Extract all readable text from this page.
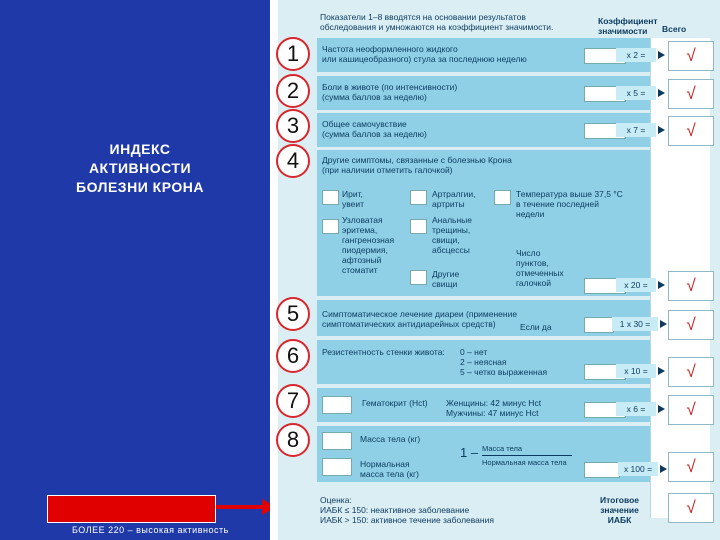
ИНДЕКС
АКТИВНОСТИ
БОЛЕЗНИ КРОНА
БОЛЕЕ 220 – высокая активность
Показатели 1–8 вводятся на основании результатов
обследования и умножаются на коэффициент значимости.
Коэффициент
значимости	Всего
1	Частота неоформленного жидкого
или кашицеобразного) стула за последнюю неделю	x 2 =	√
2	Боли в животе (по интенсивности)
(сумма баллов за неделю)	x 5 =	√
3	Общее самочувствие
(сумма баллов за неделю)	x 7 =	√
4	Другие симптомы, связанные с болезнью Крона
(при наличии отметить галочкой)
Ирит,
увеит
Узловатая
эритема,
гангренозная
пиодермия,
афтозный
стоматит
Артралгии,
артриты
Анальные
трещины,
свищи,
абсцессы
Другие
свищи
Температура выше 37,5 °С
в течение последней
недели
Число
пунктов,
отмеченных
галочкой	x 20 =	√
5	Симптоматическое лечение диареи (применение
симптоматических антидиарейных средств)	Если да	1 x 30 =	√
6	Резистентность стенки живота: 0 – нет
2 – неясная
5 – четко выраженная	x 10 =	√
7	Гематокрит (Hct) Женщины: 42 минус Hct
Мужчины: 47 минус Hct	x 6 =	√
8	Масса тела (кг)
Нормальная
масса тела (кг)
1 – Масса тела
Нормальная масса тела
x 100 =	√
Оценка:
ИАБК ≤ 150: неактивное заболевание
ИАБК > 150: активное течение заболевания
Итоговое
значение
ИАБК
√
